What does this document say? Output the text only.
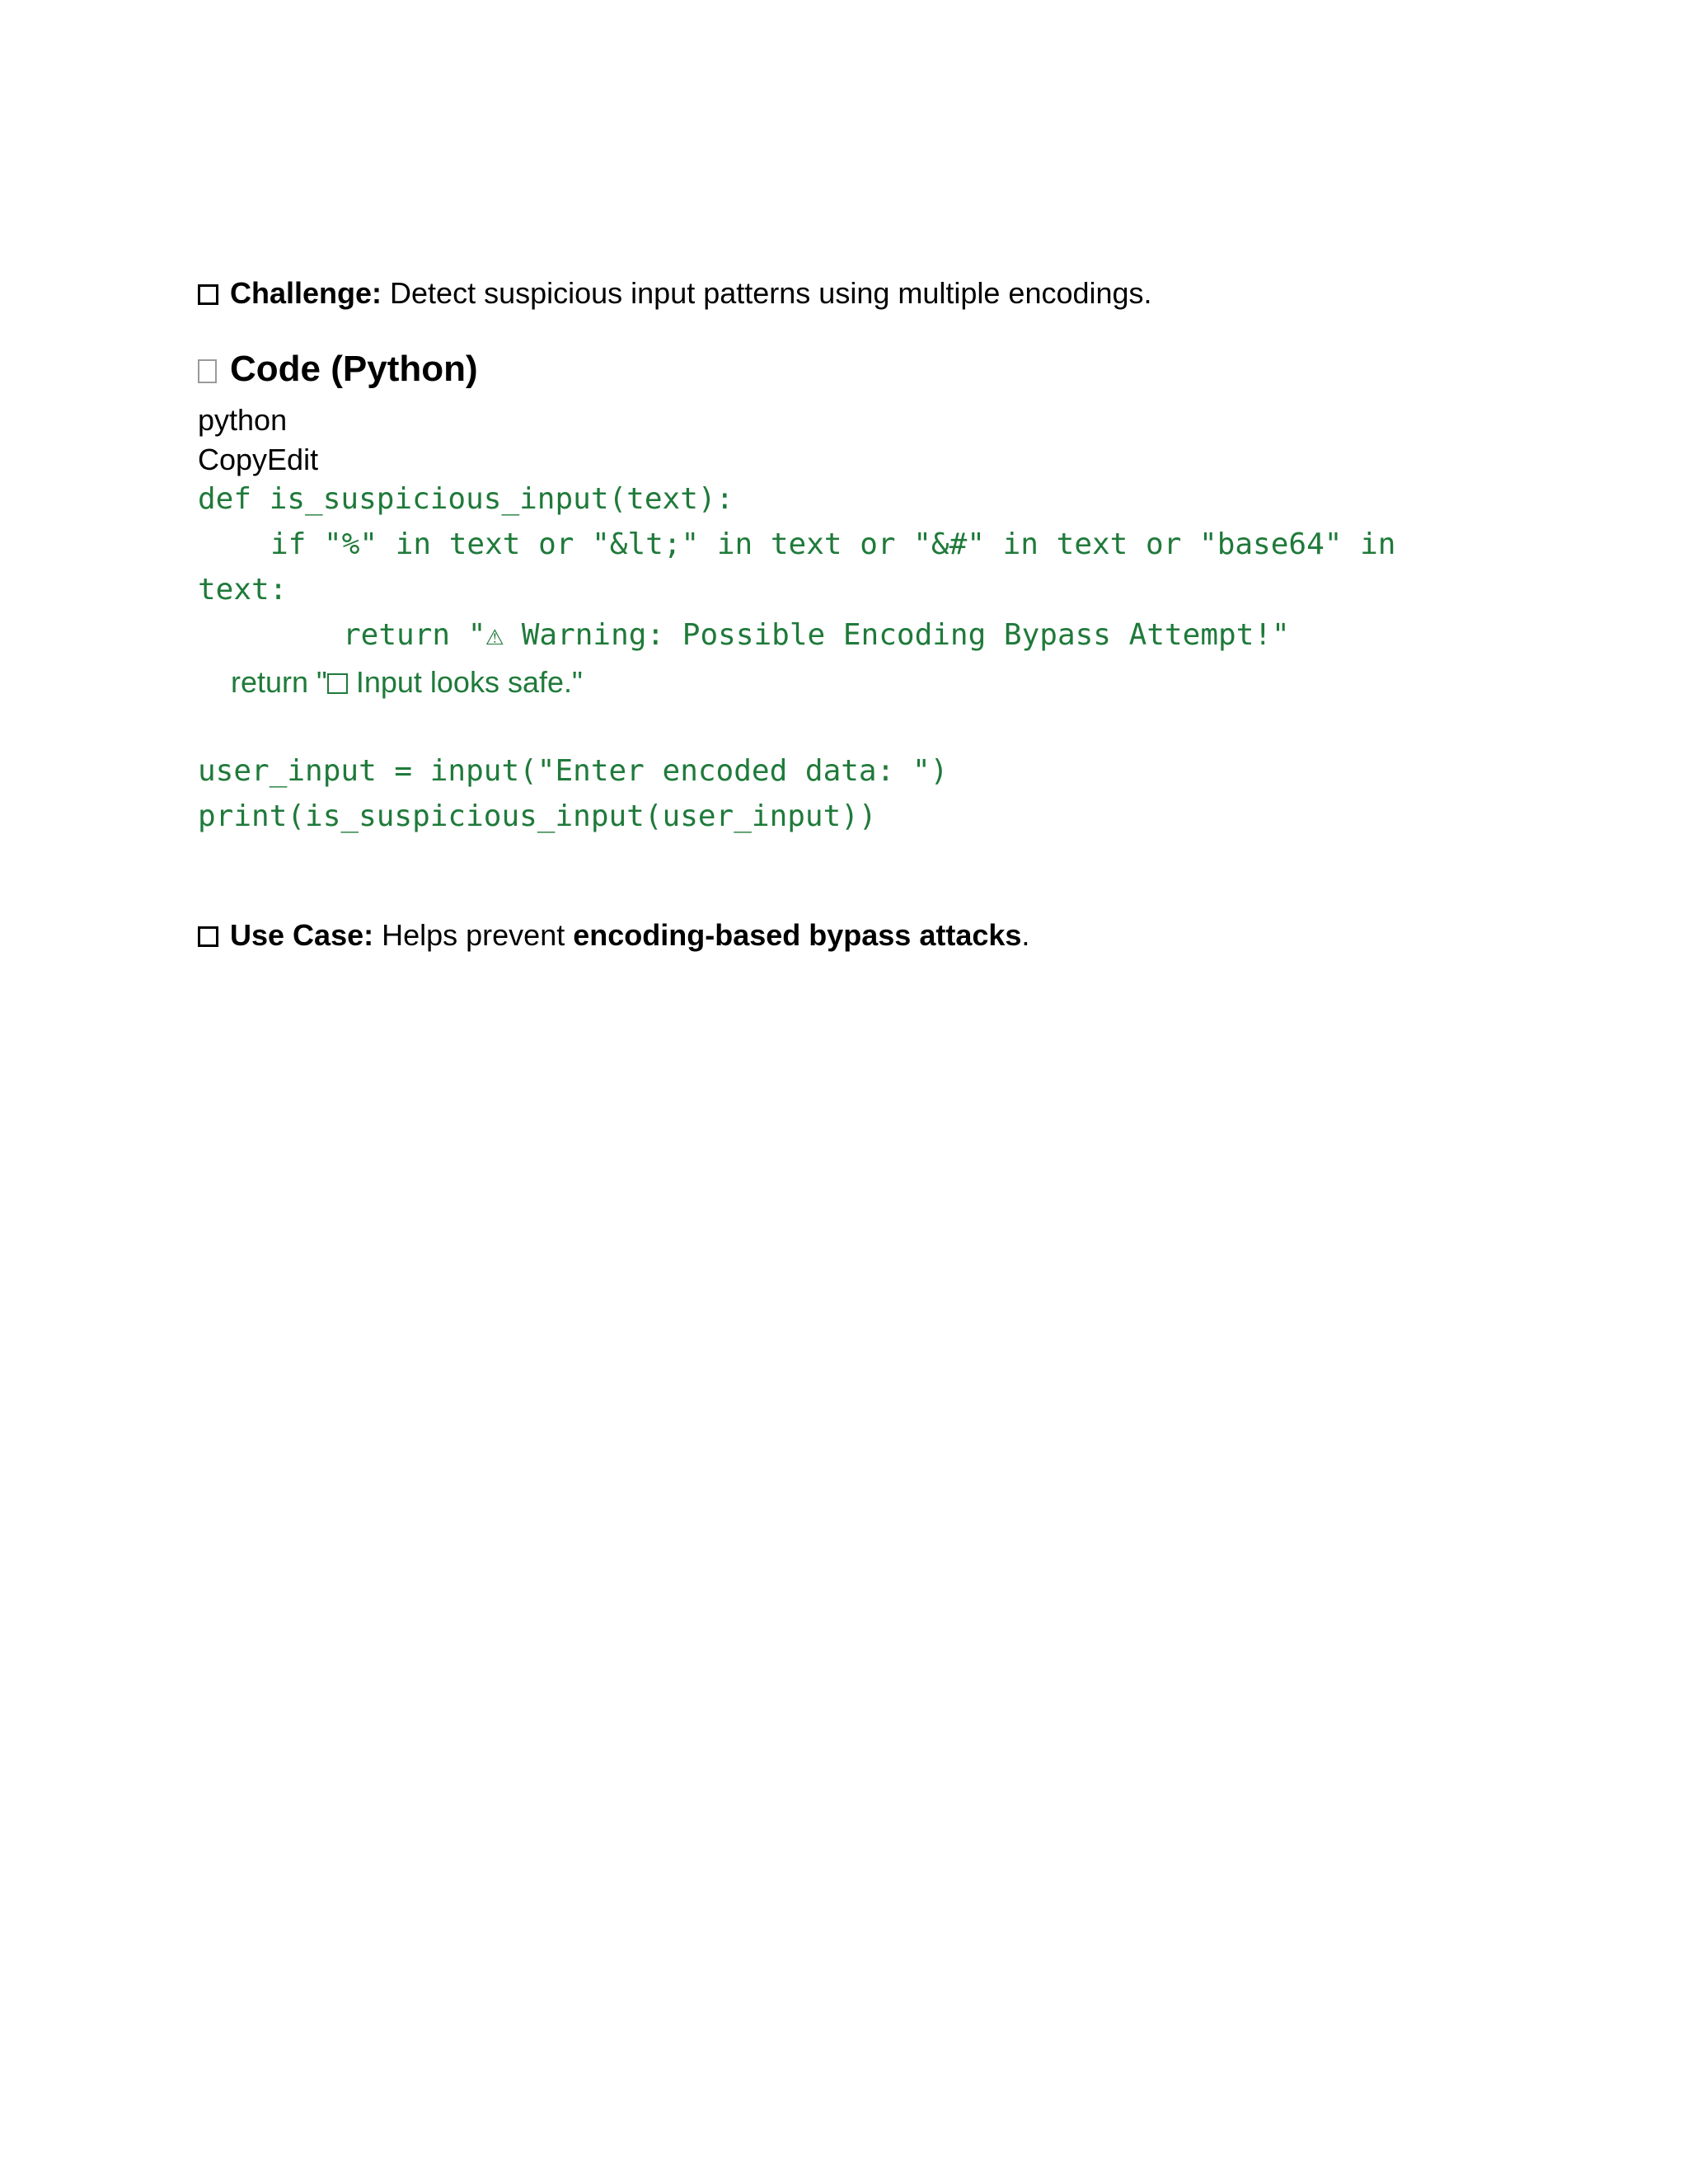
Challenge: Detect suspicious input patterns using multiple encodings.

Code (Python)
python
CopyEdit
def is_suspicious_input(text):
if "%" in text or "&lt;" in text or "&#" in text or "base64" in
text:
return "⚠ Warning: Possible Encoding Bypass Attempt!"
return " Input looks safe."
user_input = input("Enter encoded data: ")
print(is_suspicious_input(user_input))

Use Case: Helps prevent encoding-based bypass attacks.
